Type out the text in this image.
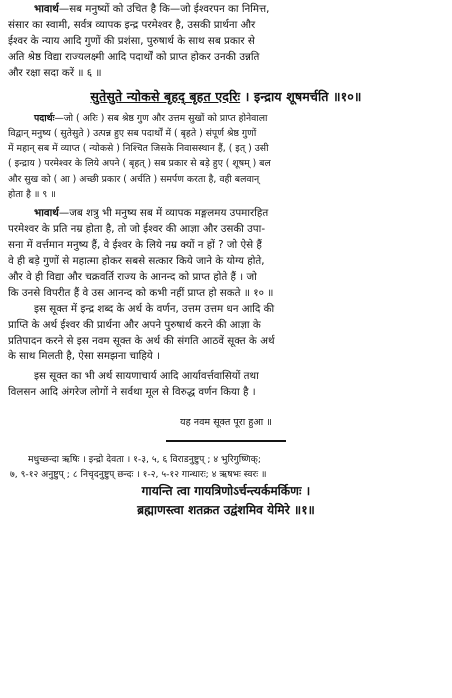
भावार्थ—सब मनुष्यों को उचित है कि—जो ईश्वरपन का निमित्त,
संसार का स्वामी, सर्वत्र व्यापक इन्द्र परमेश्वर है, उसकी प्रार्थना और
ईश्वर के न्याय आदि गुणों की प्रशंसा, पुरुषार्थ के साथ सब प्रकार से
अति श्रेष्ठ विद्या राज्यलक्ष्मी आदि पदार्थों को प्राप्त होकर उनकी उन्नति
और रक्षा सदा करें ॥ ६ ॥
सुतेसुते न्योकसे बृहद् बृहत एदरिः । इन्द्राय शूषमर्चति ॥१०॥
पदार्थः—जो ( अरिः ) सब श्रेष्ठ गुण और उत्तम सुखों को प्राप्त होनेवाला
विद्वान् मनुष्य ( सुतेसुते ) उत्पन्न हुए सब पदार्थों में ( बृहते ) संपूर्ण श्रेष्ठ गुणों
में महान् सब में व्याप्त ( न्योकसे ) निश्चित जिसके निवासस्थान हैं, ( इत् ) उसी
( इन्द्राय ) परमेश्वर के लिये अपने ( बृहत् ) सब प्रकार से बड़े हुए ( शूषम् ) बल
और सुख को ( आ ) अच्छी प्रकार ( अर्चति ) समर्पण करता है, वही बलवान्
होता है ॥ ९ ॥
भावार्थ—जब शत्रु भी मनुष्य सब में व्यापक मङ्गलमय उपमारहित
परमेश्वर के प्रति नम्र होता है, तो जो ईश्वर की आज्ञा और उसकी उपा-
सना में वर्त्तमान मनुष्य हैं, वे ईश्वर के लिये नम्र क्यों न हों ? जो ऐसे हैं
वे ही बड़े गुणों से महात्मा होकर सबसे सत्कार किये जाने के योग्य होते,
और वे ही विद्या और चक्रवर्ति राज्य के आनन्द को प्राप्त होते हैं । जो
कि उनसे विपरीत हैं वे उस आनन्द को कभी नहीं प्राप्त हो सकते ॥ १० ॥
इस सूक्त में इन्द्र शब्द के अर्थ के वर्णन, उत्तम उत्तम धन आदि की
प्राप्ति के अर्थ ईश्वर की प्रार्थना और अपने पुरुषार्थ करने की आज्ञा के
प्रतिपादन करने से इस नवम सूक्त के अर्थ की संगति आठवें सूक्त के अर्थ
के साथ मिलती है, ऐसा समझना चाहिये ।
इस सूक्त का भी अर्थ सायणाचार्य आदि आर्यावर्त्तवासियों तथा
विलसन आदि अंगरेज लोगों ने सर्वथा मूल से विरुद्ध वर्णन किया है ।
यह नवम सूक्त पूरा हुआ ॥
मधुच्छन्दा ऋषिः । इन्द्रो देवता । १-३, ५, ६ विराडनुष्टुप् ; ४ भुरिगुष्णिक्;
७, ९-१२ अनुष्टुप् ; ८ निचृदनुष्टुप् छन्दः । १-२, ५-१२ गान्धारः; ४ ऋषभः स्वरः ॥
गायन्ति त्वा गायत्रिणोऽर्चन्त्यर्कमर्किणः ।
ब्रह्माणस्त्वा शतक्रत उद्वंशमिव येमिरे ॥१॥
